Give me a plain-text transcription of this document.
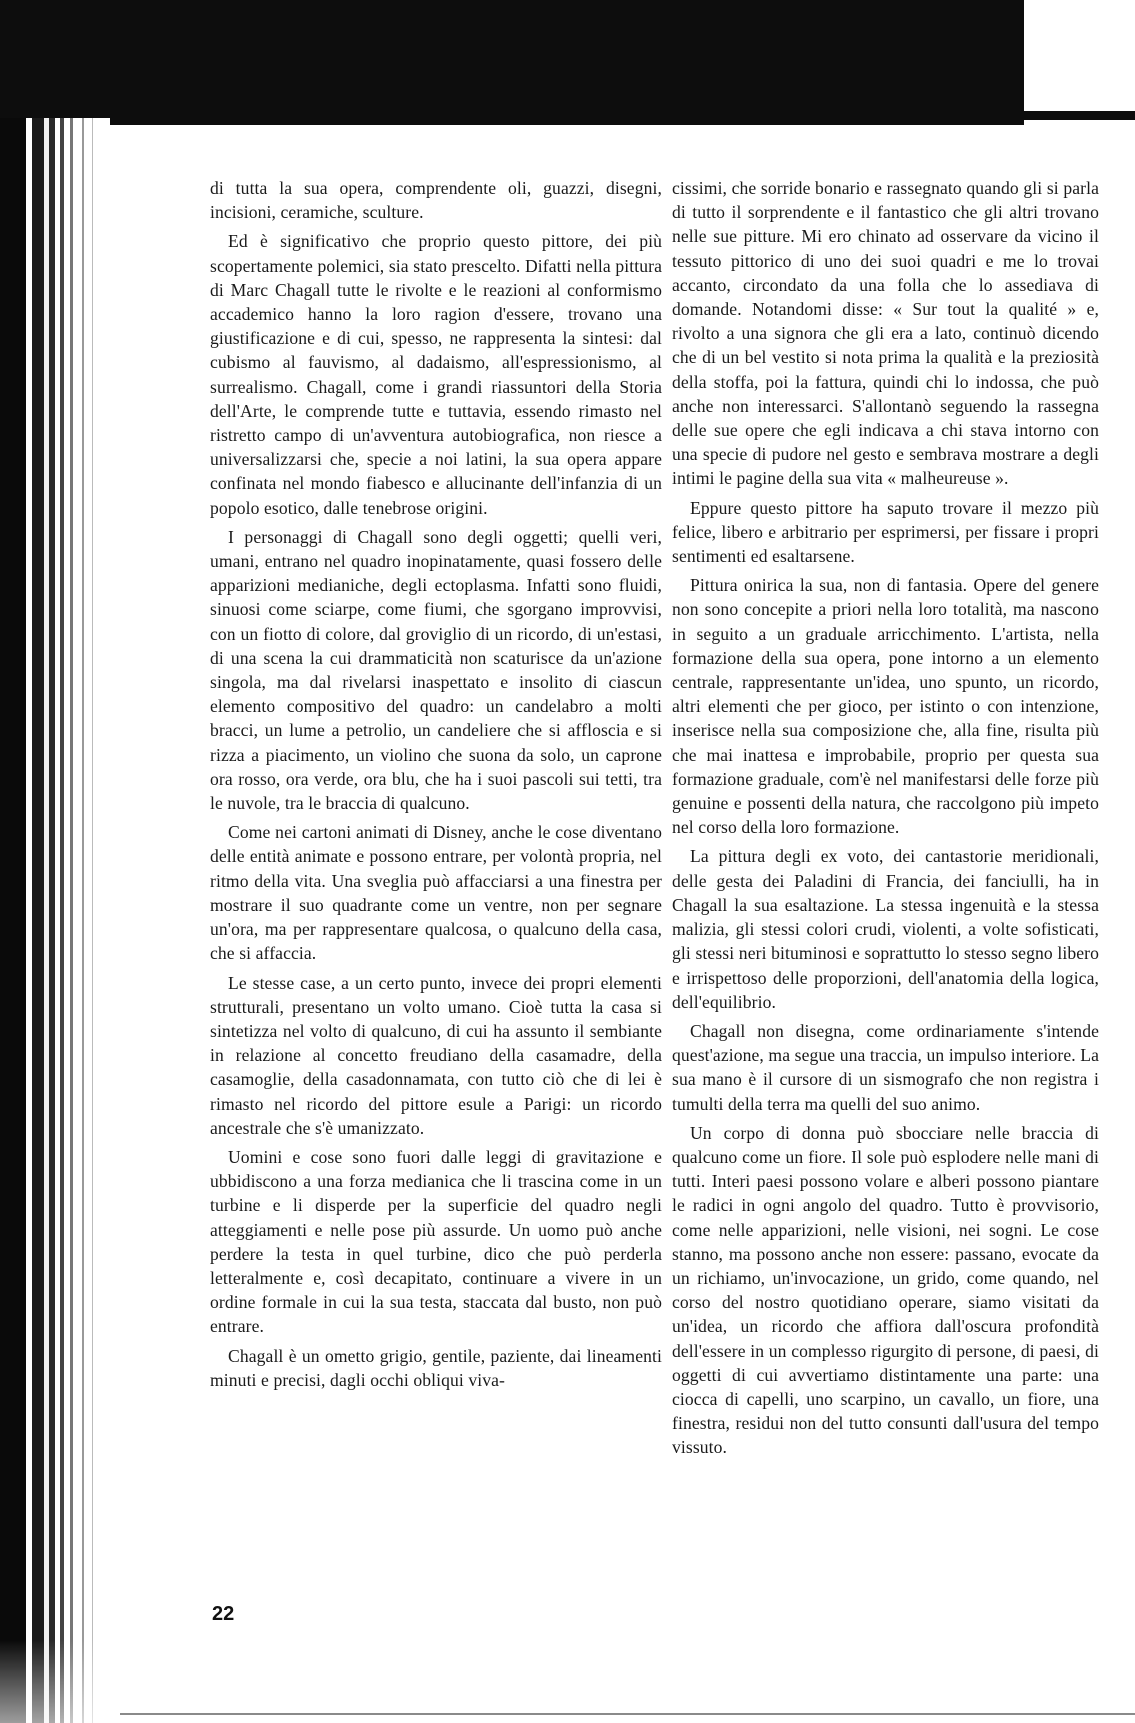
di tutta la sua opera, comprendente oli, guazzi, disegni, incisioni, ceramiche, sculture.

Ed è significativo che proprio questo pittore, dei più scopertamente polemici, sia stato prescelto. Difatti nella pittura di Marc Chagall tutte le rivolte e le reazioni al conformismo accademico hanno la loro ragion d'essere, trovano una giustificazione e di cui, spesso, ne rappresenta la sintesi: dal cubismo al fauvismo, al dadaismo, all'espressionismo, al surrealismo. Chagall, come i grandi riassuntori della Storia dell'Arte, le comprende tutte e tuttavia, essendo rimasto nel ristretto campo di un'avventura autobiografica, non riesce a universalizzarsi che, specie a noi latini, la sua opera appare confinata nel mondo fiabesco e allucinante dell'infanzia di un popolo esotico, dalle tenebrose origini.

I personaggi di Chagall sono degli oggetti; quelli veri, umani, entrano nel quadro inopinatamente, quasi fossero delle apparizioni medianiche, degli ectoplasma. Infatti sono fluidi, sinuosi come sciarpe, come fiumi, che sgorgano improvvisi, con un fiotto di colore, dal groviglio di un ricordo, di un'estasi, di una scena la cui drammaticità non scaturisce da un'azione singola, ma dal rivelarsi inaspettato e insolito di ciascun elemento compositivo del quadro: un candelabro a molti bracci, un lume a petrolio, un candeliere che si affloscia e si rizza a piacimento, un violino che suona da solo, un caprone ora rosso, ora verde, ora blu, che ha i suoi pascoli sui tetti, tra le nuvole, tra le braccia di qualcuno.

Come nei cartoni animati di Disney, anche le cose diventano delle entità animate e possono entrare, per volontà propria, nel ritmo della vita. Una sveglia può affacciarsi a una finestra per mostrare il suo quadrante come un ventre, non per segnare un'ora, ma per rappresentare qualcosa, o qualcuno della casa, che si affaccia.

Le stesse case, a un certo punto, invece dei propri elementi strutturali, presentano un volto umano. Cioè tutta la casa si sintetizza nel volto di qualcuno, di cui ha assunto il sembiante in relazione al concetto freudiano della casamadre, della casamoglie, della casadonnamata, con tutto ciò che di lei è rimasto nel ricordo del pittore esule a Parigi: un ricordo ancestrale che s'è umanizzato.

Uomini e cose sono fuori dalle leggi di gravitazione e ubbidiscono a una forza medianica che li trascina come in un turbine e li disperde per la superficie del quadro negli atteggiamenti e nelle pose più assurde. Un uomo può anche perdere la testa in quel turbine, dico che può perderla letteralmente e, così decapitato, continuare a vivere in un ordine formale in cui la sua testa, staccata dal busto, non può entrare.

Chagall è un ometto grigio, gentile, paziente, dai lineamenti minuti e precisi, dagli occhi obliqui viva-

cissimi, che sorride bonario e rassegnato quando gli si parla di tutto il sorprendente e il fantastico che gli altri trovano nelle sue pitture. Mi ero chinato ad osservare da vicino il tessuto pittorico di uno dei suoi quadri e me lo trovai accanto, circondato da una folla che lo assediava di domande. Notandomi disse: « Sur tout la qualité » e, rivolto a una signora che gli era a lato, continuò dicendo che di un bel vestito si nota prima la qualità e la preziosità della stoffa, poi la fattura, quindi chi lo indossa, che può anche non interessarci. S'allontanò seguendo la rassegna delle sue opere che egli indicava a chi stava intorno con una specie di pudore nel gesto e sembrava mostrare a degli intimi le pagine della sua vita « malheureuse ».

Eppure questo pittore ha saputo trovare il mezzo più felice, libero e arbitrario per esprimersi, per fissare i propri sentimenti ed esaltarsene.

Pittura onirica la sua, non di fantasia. Opere del genere non sono concepite a priori nella loro totalità, ma nascono in seguito a un graduale arricchimento. L'artista, nella formazione della sua opera, pone intorno a un elemento centrale, rappresentante un'idea, uno spunto, un ricordo, altri elementi che per gioco, per istinto o con intenzione, inserisce nella sua composizione che, alla fine, risulta più che mai inattesa e improbabile, proprio per questa sua formazione graduale, com'è nel manifestarsi delle forze più genuine e possenti della natura, che raccolgono più impeto nel corso della loro formazione.

La pittura degli ex voto, dei cantastorie meridionali, delle gesta dei Paladini di Francia, dei fanciulli, ha in Chagall la sua esaltazione. La stessa ingenuità e la stessa malizia, gli stessi colori crudi, violenti, a volte sofisticati, gli stessi neri bituminosi e soprattutto lo stesso segno libero e irrispettoso delle proporzioni, dell'anatomia della logica, dell'equilibrio.

Chagall non disegna, come ordinariamente s'intende quest'azione, ma segue una traccia, un impulso interiore. La sua mano è il cursore di un sismografo che non registra i tumulti della terra ma quelli del suo animo.

Un corpo di donna può sbocciare nelle braccia di qualcuno come un fiore. Il sole può esplodere nelle mani di tutti. Interi paesi possono volare e alberi possono piantare le radici in ogni angolo del quadro. Tutto è provvisorio, come nelle apparizioni, nelle visioni, nei sogni. Le cose stanno, ma possono anche non essere: passano, evocate da un richiamo, un'invocazione, un grido, come quando, nel corso del nostro quotidiano operare, siamo visitati da un'idea, un ricordo che affiora dall'oscura profondità dell'essere in un complesso rigurgito di persone, di paesi, di oggetti di cui avvertiamo distintamente una parte: una ciocca di capelli, uno scarpino, un cavallo, un fiore, una finestra, residui non del tutto consunti dall'usura del tempo vissuto.

22
